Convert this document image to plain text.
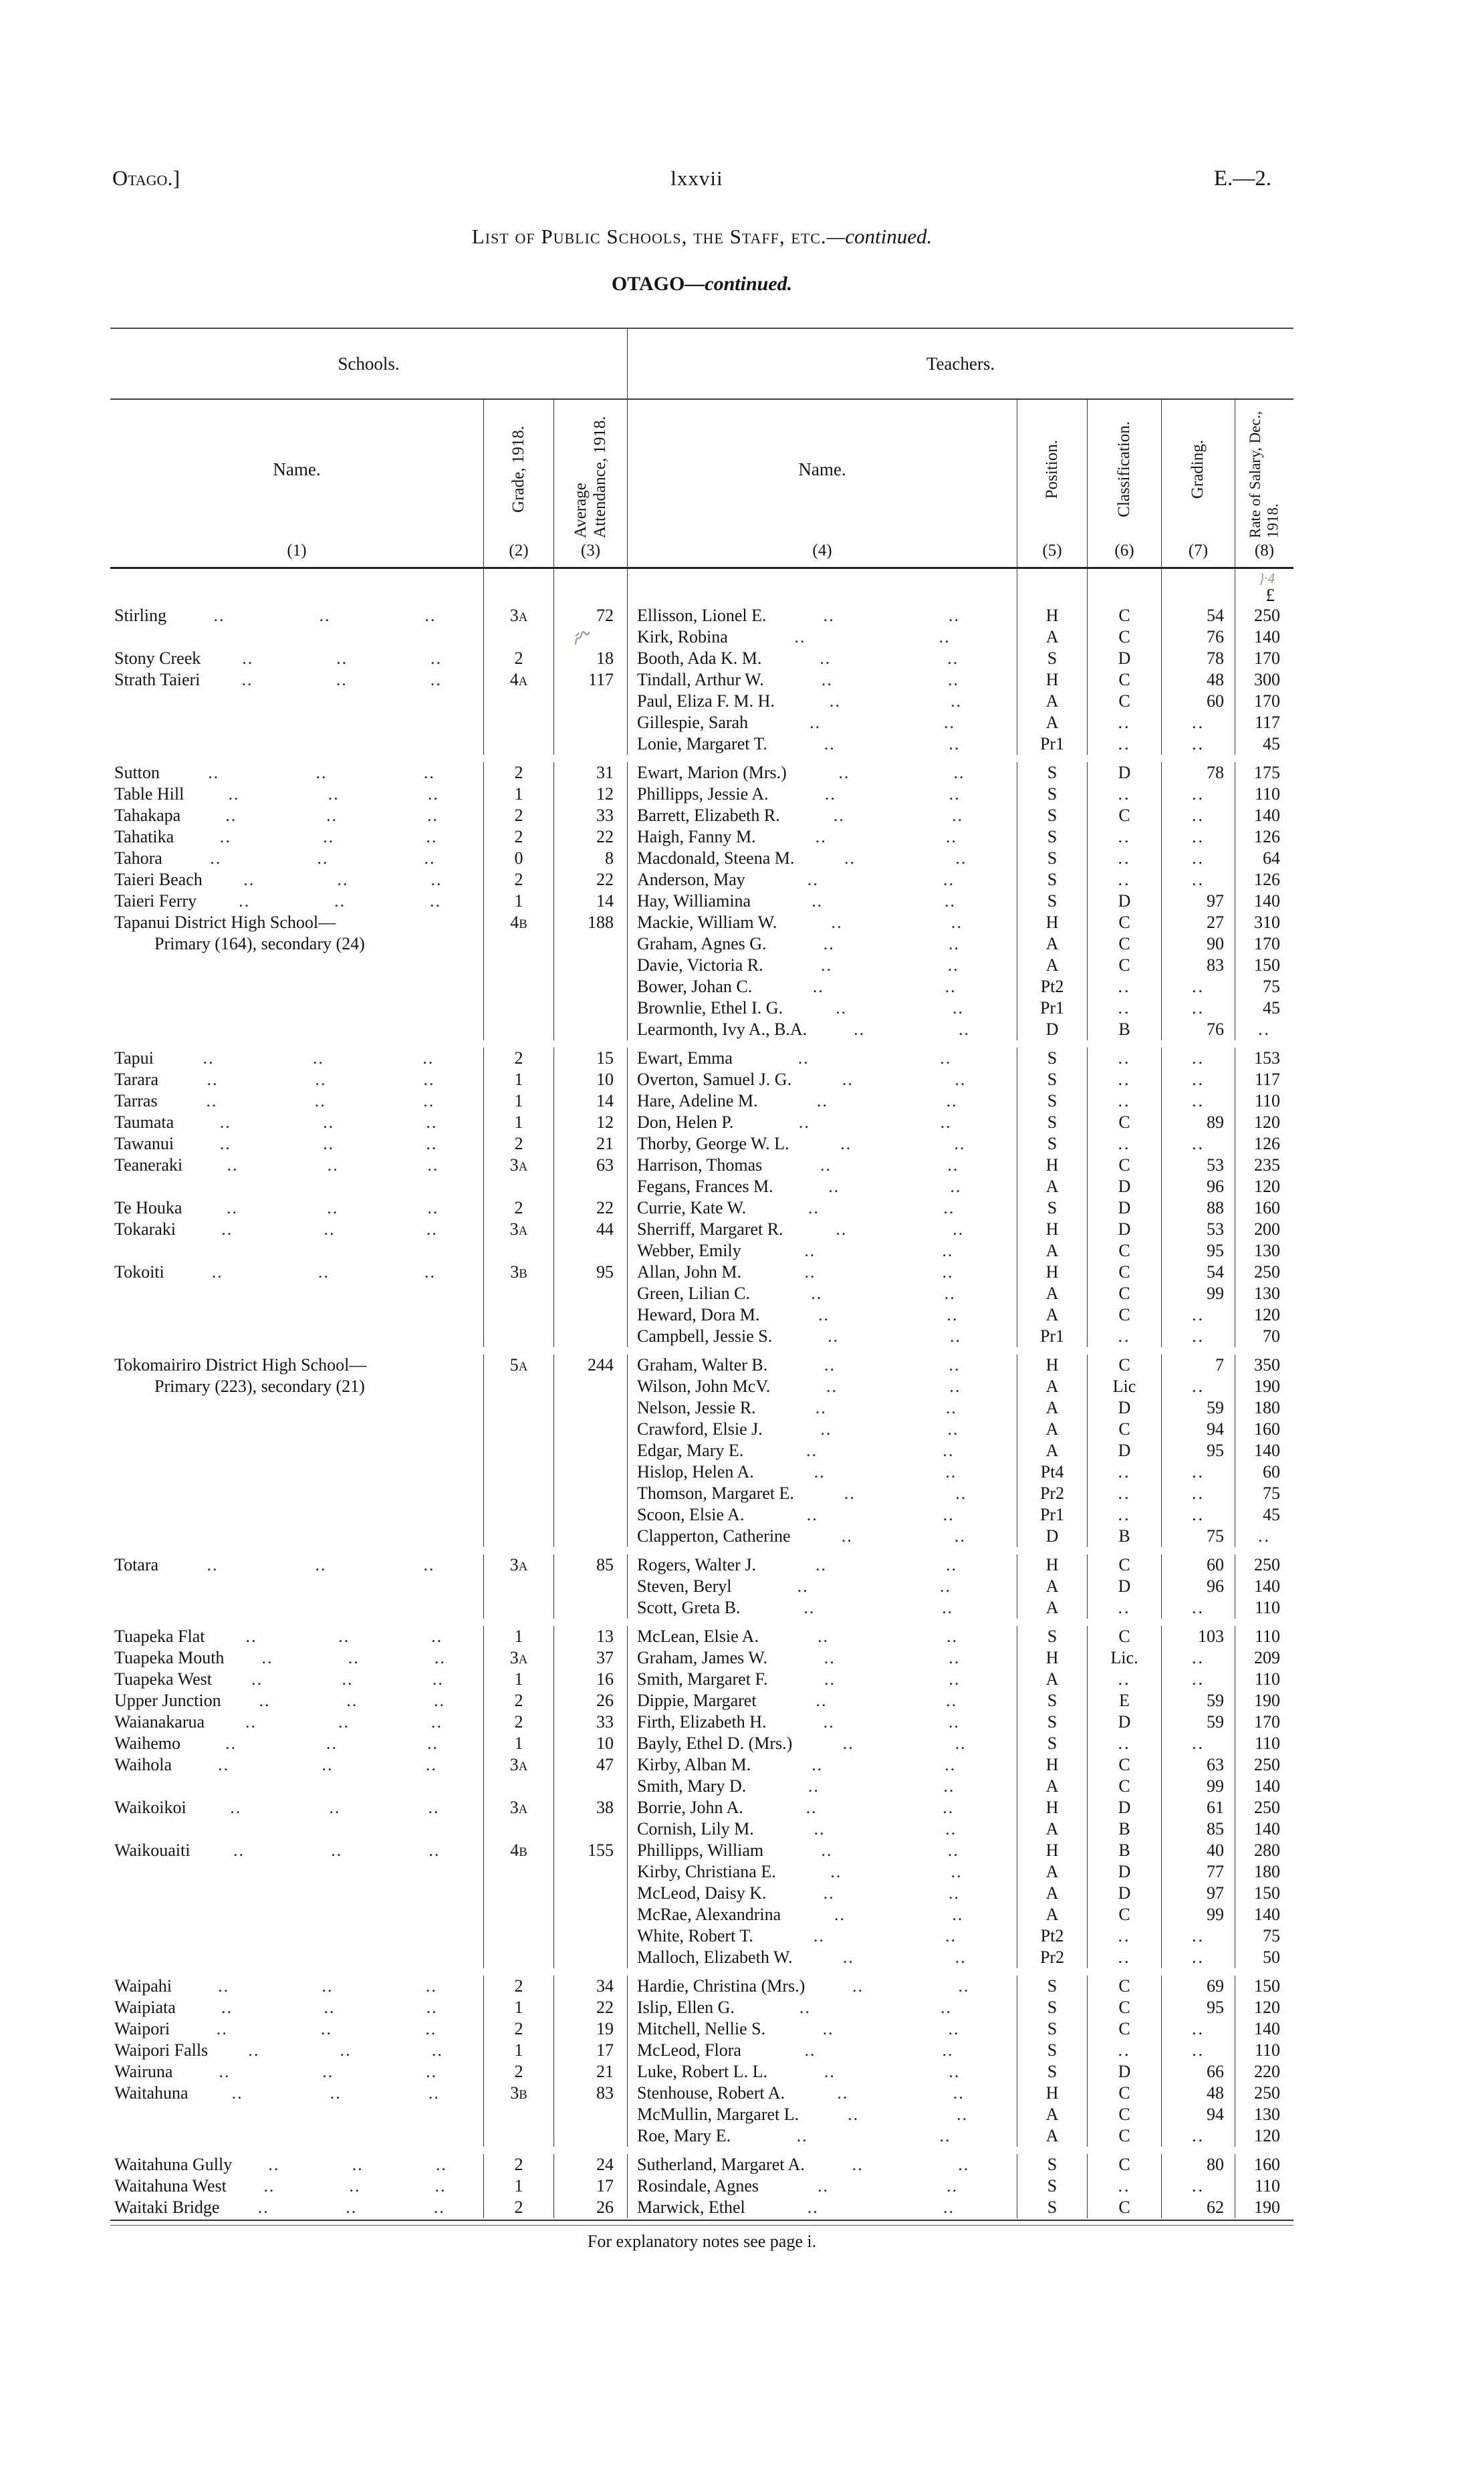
Otago.]	lxxvii	E.—2.
List of Public Schools, the Staff, etc.—continued.
OTAGO—continued.
Schools.	Teachers.
Name.
(1)
Grade, 1918.
(2)
Average Attendance, 1918.
(3)
Name.
(4)
Position.
(5)
Classification.
(6)
Grading.
(7)
Rate of Salary, Dec., 1918.
(8)
}·4
£
Stirling	..	..	..	3A	72	Ellisson, Lionel E.	..	..	H	C	54	250
Kirk, Robina	..	..	A	C	76	140
Stony Creek	..	..	..	2	18	Booth, Ada K. M.	..	..	S	D	78	170
Strath Taieri	..	..	..	4A	117	Tindall, Arthur W.	..	..	H	C	48	300
Paul, Eliza F. M. H.	..	..	A	C	60	170
Gillespie, Sarah	..	..	A	..	..	117
Lonie, Margaret T.	..	..	Pr1	..	..	45
Sutton	..	..	..	2	31	Ewart, Marion (Mrs.)	..	..	S	D	78	175
Table Hill	..	..	..	1	12	Phillipps, Jessie A.	..	..	S	..	..	110
Tahakapa	..	..	..	2	33	Barrett, Elizabeth R.	..	..	S	C	..	140
Tahatika	..	..	..	2	22	Haigh, Fanny M.	..	..	S	..	..	126
Tahora	..	..	..	0	8	Macdonald, Steena M.	..	..	S	..	..	64
Taieri Beach	..	..	..	2	22	Anderson, May	..	..	S	..	..	126
Taieri Ferry	..	..	..	1	14	Hay, Williamina	..	..	S	D	97	140
Tapanui District High School—	4B	188	Mackie, William W.	..	..	H	C	27	310
Primary (164), secondary (24)	Graham, Agnes G.	..	..	A	C	90	170
Davie, Victoria R.	..	..	A	C	83	150
Bower, Johan C.	..	..	Pt2	..	..	75
Brownlie, Ethel I. G.	..	..	Pr1	..	..	45
Learmonth, Ivy A., B.A.	..	..	D	B	76	..
Tapui	..	..	..	2	15	Ewart, Emma	..	..	S	..	..	153
Tarara	..	..	..	1	10	Overton, Samuel J. G.	..	..	S	..	..	117
Tarras	..	..	..	1	14	Hare, Adeline M.	..	..	S	..	..	110
Taumata	..	..	..	1	12	Don, Helen P.	..	..	S	C	89	120
Tawanui	..	..	..	2	21	Thorby, George W. L.	..	..	S	..	..	126
Teaneraki	..	..	..	3A	63	Harrison, Thomas	..	..	H	C	53	235
Fegans, Frances M.	..	..	A	D	96	120
Te Houka	..	..	..	2	22	Currie, Kate W.	..	..	S	D	88	160
Tokaraki	..	..	..	3A	44	Sherriff, Margaret R.	..	..	H	D	53	200
Webber, Emily	..	..	A	C	95	130
Tokoiti	..	..	..	3B	95	Allan, John M.	..	..	H	C	54	250
Green, Lilian C.	..	..	A	C	99	130
Heward, Dora M.	..	..	A	C	..	120
Campbell, Jessie S.	..	..	Pr1	..	..	70
Tokomairiro District High School—	5A	244	Graham, Walter B.	..	..	H	C	7	350
Primary (223), secondary (21)	Wilson, John McV.	..	..	A	Lic	..	190
Nelson, Jessie R.	..	..	A	D	59	180
Crawford, Elsie J.	..	..	A	C	94	160
Edgar, Mary E.	..	..	A	D	95	140
Hislop, Helen A.	..	..	Pt4	..	..	60
Thomson, Margaret E.	..	..	Pr2	..	..	75
Scoon, Elsie A.	..	..	Pr1	..	..	45
Clapperton, Catherine	..	..	D	B	75	..
Totara	..	..	..	3A	85	Rogers, Walter J.	..	..	H	C	60	250
Steven, Beryl	..	..	A	D	96	140
Scott, Greta B.	..	..	A	..	..	110
Tuapeka Flat	..	..	..	1	13	McLean, Elsie A.	..	..	S	C	103	110
Tuapeka Mouth	..	..	..	3A	37	Graham, James W.	..	..	H	Lic.	..	209
Tuapeka West	..	..	..	1	16	Smith, Margaret F.	..	..	A	..	..	110
Upper Junction	..	..	..	2	26	Dippie, Margaret	..	..	S	E	59	190
Waianakarua	..	..	..	2	33	Firth, Elizabeth H.	..	..	S	D	59	170
Waihemo	..	..	..	1	10	Bayly, Ethel D. (Mrs.)	..	..	S	..	..	110
Waihola	..	..	..	3A	47	Kirby, Alban M.	..	..	H	C	63	250
Smith, Mary D.	..	..	A	C	99	140
Waikoikoi	..	..	..	3A	38	Borrie, John A.	..	..	H	D	61	250
Cornish, Lily M.	..	..	A	B	85	140
Waikouaiti	..	..	..	4B	155	Phillipps, William	..	..	H	B	40	280
Kirby, Christiana E.	..	..	A	D	77	180
McLeod, Daisy K.	..	..	A	D	97	150
McRae, Alexandrina	..	..	A	C	99	140
White, Robert T.	..	..	Pt2	..	..	75
Malloch, Elizabeth W.	..	..	Pr2	..	..	50
Waipahi	..	..	..	2	34	Hardie, Christina (Mrs.)	..	..	S	C	69	150
Waipiata	..	..	..	1	22	Islip, Ellen G.	..	..	S	C	95	120
Waipori	..	..	..	2	19	Mitchell, Nellie S.	..	..	S	C	..	140
Waipori Falls	..	..	..	1	17	McLeod, Flora	..	..	S	..	..	110
Wairuna	..	..	..	2	21	Luke, Robert L. L.	..	..	S	D	66	220
Waitahuna	..	..	..	3B	83	Stenhouse, Robert A.	..	..	H	C	48	250
McMullin, Margaret L.	..	..	A	C	94	130
Roe, Mary E.	..	..	A	C	..	120
Waitahuna Gully	..	..	..	2	24	Sutherland, Margaret A.	..	..	S	C	80	160
Waitahuna West	..	..	..	1	17	Rosindale, Agnes	..	..	S	..	..	110
Waitaki Bridge	..	..	..	2	26	Marwick, Ethel	..	..	S	C	62	190
For explanatory notes see page i.
